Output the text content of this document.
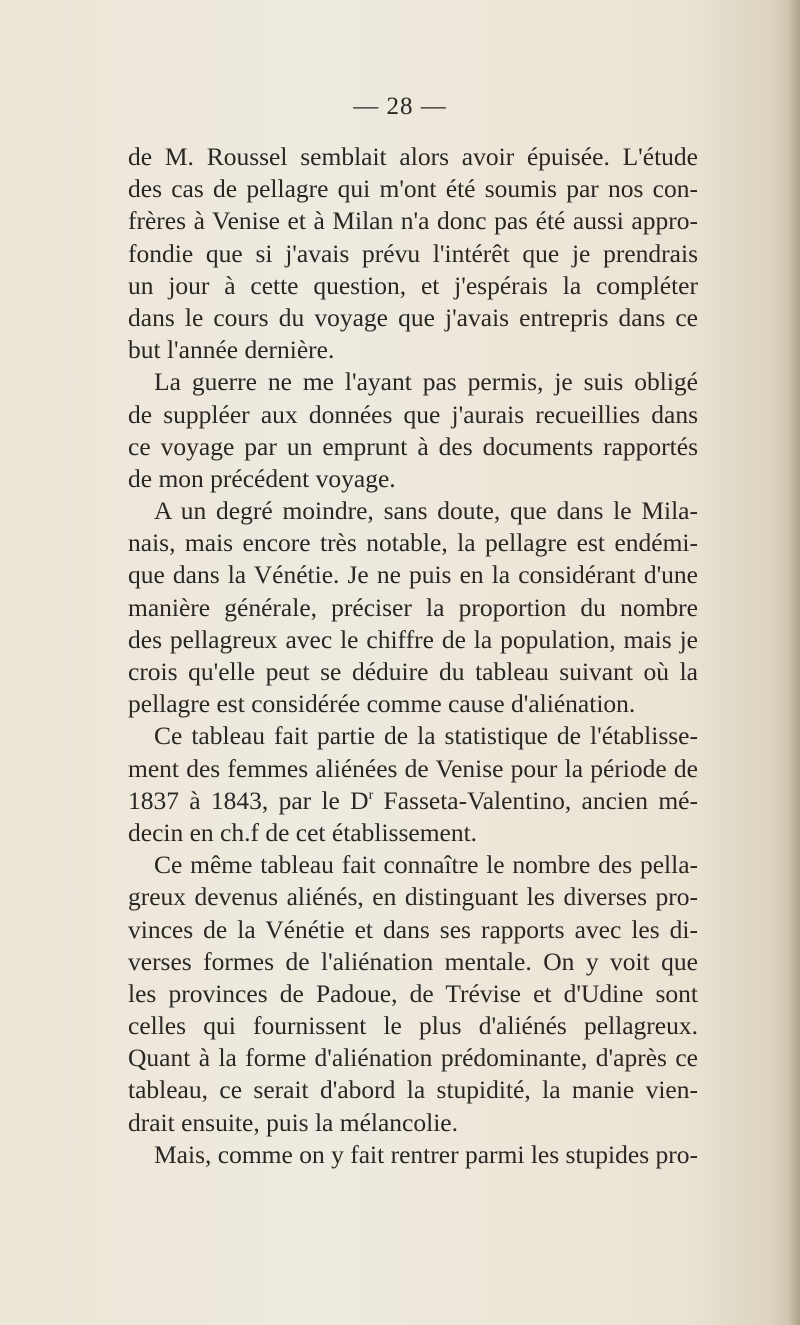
— 28 —
de M. Roussel semblait alors avoir épuisée. L'étude
des cas de pellagre qui m'ont été soumis par nos con-
frères à Venise et à Milan n'a donc pas été aussi appro-
fondie que si j'avais prévu l'intérêt que je prendrais
un jour à cette question, et j'espérais la compléter
dans le cours du voyage que j'avais entrepris dans ce
but l'année dernière.
La guerre ne me l'ayant pas permis, je suis obligé
de suppléer aux données que j'aurais recueillies dans
ce voyage par un emprunt à des documents rapportés
de mon précédent voyage.
A un degré moindre, sans doute, que dans le Mila-
nais, mais encore très notable, la pellagre est endémi-
que dans la Vénétie. Je ne puis en la considérant d'une
manière générale, préciser la proportion du nombre
des pellagreux avec le chiffre de la population, mais je
crois qu'elle peut se déduire du tableau suivant où la
pellagre est considérée comme cause d'aliénation.
Ce tableau fait partie de la statistique de l'établisse-
ment des femmes aliénées de Venise pour la période de
1837 à 1843, par le $D^r$ Fasseta-Valentino, ancien mé-
decin en ch.f de cet établissement.
Ce même tableau fait connaître le nombre des pella-
greux devenus aliénés, en distinguant les diverses pro-
vinces de la Vénétie et dans ses rapports avec les di-
verses formes de l'aliénation mentale. On y voit que
les provinces de Padoue, de Trévise et d'Udine sont
celles qui fournissent le plus d'aliénés pellagreux.
Quant à la forme d'aliénation prédominante, d'après ce
tableau, ce serait d'abord la stupidité, la manie vien-
drait ensuite, puis la mélancolie.
Mais, comme on y fait rentrer parmi les stupides pro-
